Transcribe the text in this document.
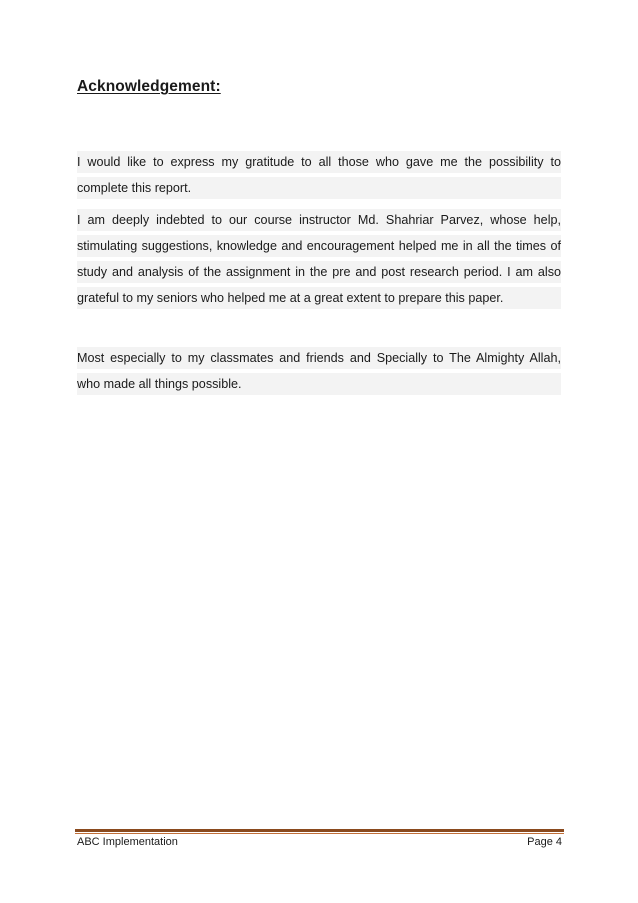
Acknowledgement:
I would like to express my gratitude to all those who gave me the possibility to
complete this report.
I am deeply indebted to our course instructor Md. Shahriar Parvez, whose help,
stimulating suggestions, knowledge and encouragement helped me in all the times of
study and analysis of the assignment in the pre and post research period. I am also
grateful to my seniors who helped me at a great extent to prepare this paper.
Most especially to my classmates and friends and Specially to The Almighty Allah,
who made all things possible.
ABC Implementation	Page 4
